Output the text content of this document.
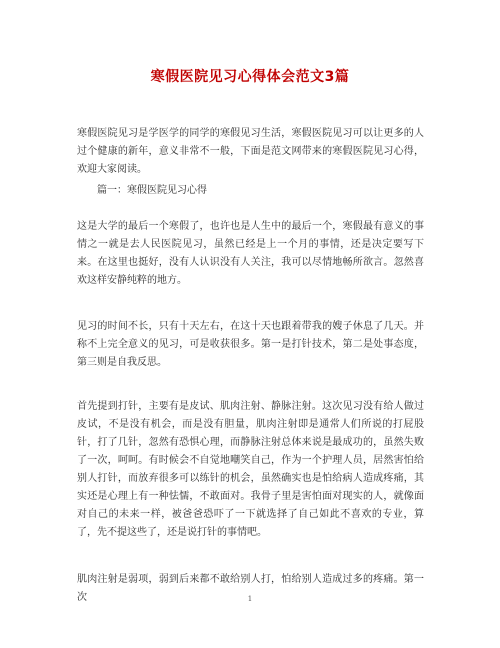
寒假医院见习心得体会范文3篇

寒假医院见习是学医学的同学的寒假见习生活，寒假医院见习可以让更多的人过个健康的新年，意义非常不一般，下面是范文网带来的寒假医院见习心得，欢迎大家阅读。

篇一：寒假医院见习心得

这是大学的最后一个寒假了，也许也是人生中的最后一个，寒假最有意义的事情之一就是去人民医院见习，虽然已经是上一个月的事情，还是决定要写下来。在这里也挺好，没有人认识没有人关注，我可以尽情地畅所欲言。忽然喜欢这样安静纯粹的地方。

见习的时间不长，只有十天左右，在这十天也跟着带我的嫂子休息了几天。并称不上完全意义的见习，可是收获很多。第一是打针技术，第二是处事态度，第三则是自我反思。

首先提到打针，主要有是皮试、肌肉注射、静脉注射。这次见习没有给人做过皮试，不是没有机会，而是没有胆量，肌肉注射即是通常人们所说的打屁股针，打了几针，忽然有恐惧心理，而静脉注射总体来说是最成功的，虽然失败了一次，呵呵。有时候会不自觉地嘲笑自己，作为一个护理人员，居然害怕给别人打针，而放弃很多可以练针的机会，虽然确实也是怕给病人造成疼痛，其实还是心理上有一种怯懦，不敢面对。我骨子里是害怕面对现实的人，就像面对自己的未来一样，被爸爸恐吓了一下就选择了自己如此不喜欢的专业，算了，先不提这些了，还是说打针的事情吧。

肌肉注射是弱项，弱到后来都不敢给别人打，怕给别人造成过多的疼痛。第一次	1
